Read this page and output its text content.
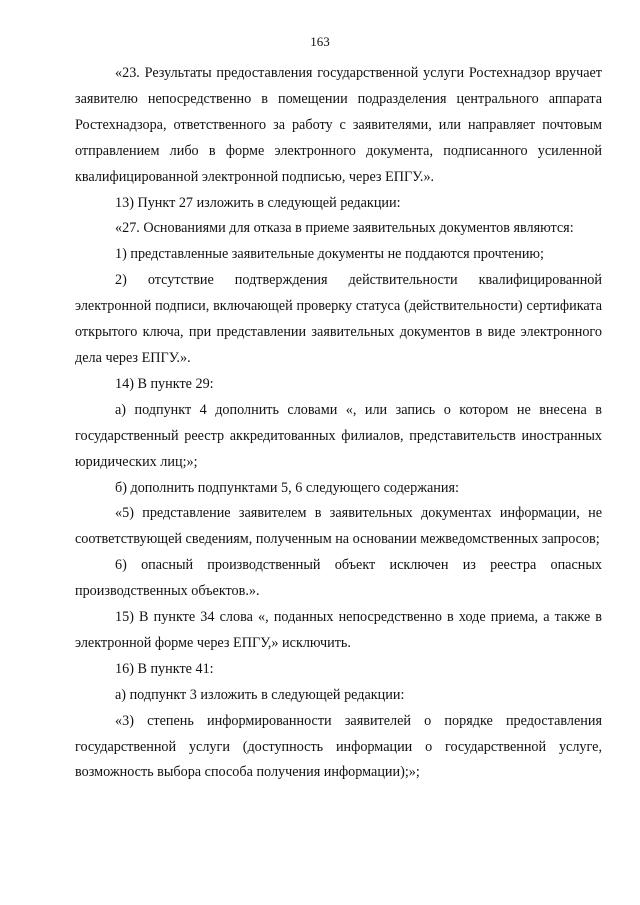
163

«23. Результаты предоставления государственной услуги Ростехнадзор вручает заявителю непосредственно в помещении подразделения центрального аппарата Ростехнадзора, ответственного за работу с заявителями, или направляет почтовым отправлением либо в форме электронного документа, подписанного усиленной квалифицированной электронной подписью, через ЕПГУ.».

13) Пункт 27 изложить в следующей редакции:

«27. Основаниями для отказа в приеме заявительных документов являются:

1) представленные заявительные документы не поддаются прочтению;

2) отсутствие подтверждения действительности квалифицированной электронной подписи, включающей проверку статуса (действительности) сертификата открытого ключа, при представлении заявительных документов в виде электронного дела через ЕПГУ.».

14) В пункте 29:

а) подпункт 4 дополнить словами «, или запись о котором не внесена в государственный реестр аккредитованных филиалов, представительств иностранных юридических лиц;»;

б) дополнить подпунктами 5, 6 следующего содержания:

«5) представление заявителем в заявительных документах информации, не соответствующей сведениям, полученным на основании межведомственных запросов;

6) опасный производственный объект исключен из реестра опасных производственных объектов.».

15) В пункте 34 слова «, поданных непосредственно в ходе приема, а также в электронной форме через ЕПГУ,» исключить.

16) В пункте 41:

а) подпункт 3 изложить в следующей редакции:

«3) степень информированности заявителей о порядке предоставления государственной услуги (доступность информации о государственной услуге, возможность выбора способа получения информации);»;
